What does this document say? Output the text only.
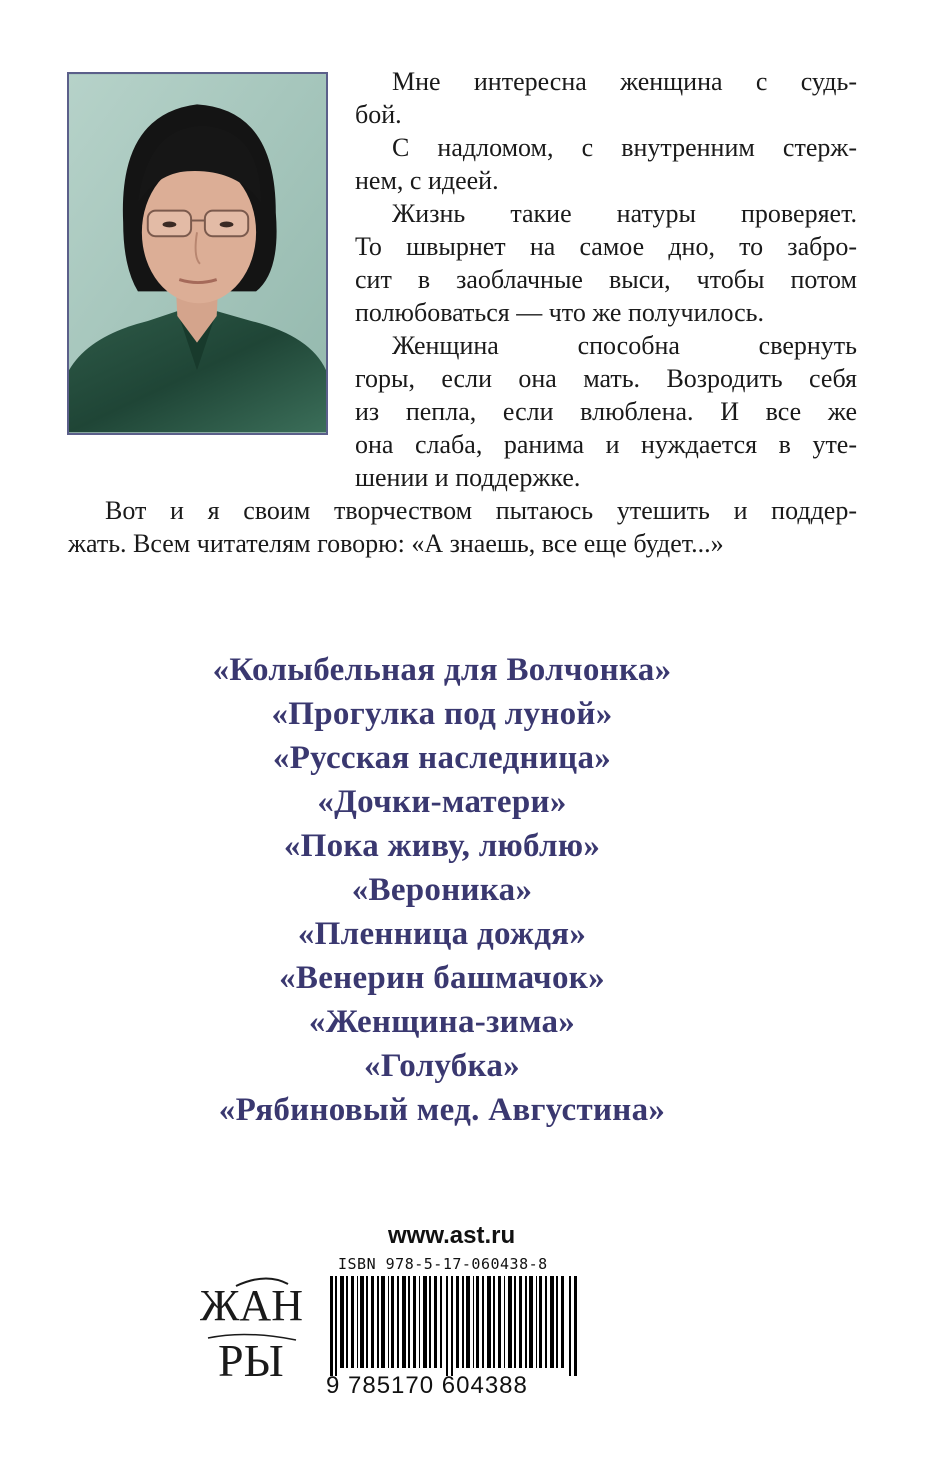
Мне интересна женщина с судь-
бой.
С надломом, с внутренним стерж-
нем, с идеей.
Жизнь такие натуры проверяет.
То швырнет на самое дно, то забро-
сит в заоблачные выси, чтобы потом
полюбоваться — что же получилось.
Женщина способна свернуть
горы, если она мать. Возродить себя
из пепла, если влюблена. И все же
она слаба, ранима и нуждается в уте-
шении и поддержке.
Вот и я своим творчеством пытаюсь утешить и поддер-
жать. Всем читателям говорю: «А знаешь, все еще будет...»
«Колыбельная для Волчонка»
«Прогулка под луной»
«Русская наследница»
«Дочки-матери»
«Пока живу, люблю»
«Вероника»
«Пленница дождя»
«Венерин башмачок»
«Женщина-зима»
«Голубка»
«Рябиновый мед. Августина»
www.ast.ru
ISBN 978-5-17-060438-8
9 785170 604388
ЖАН
РЫ
